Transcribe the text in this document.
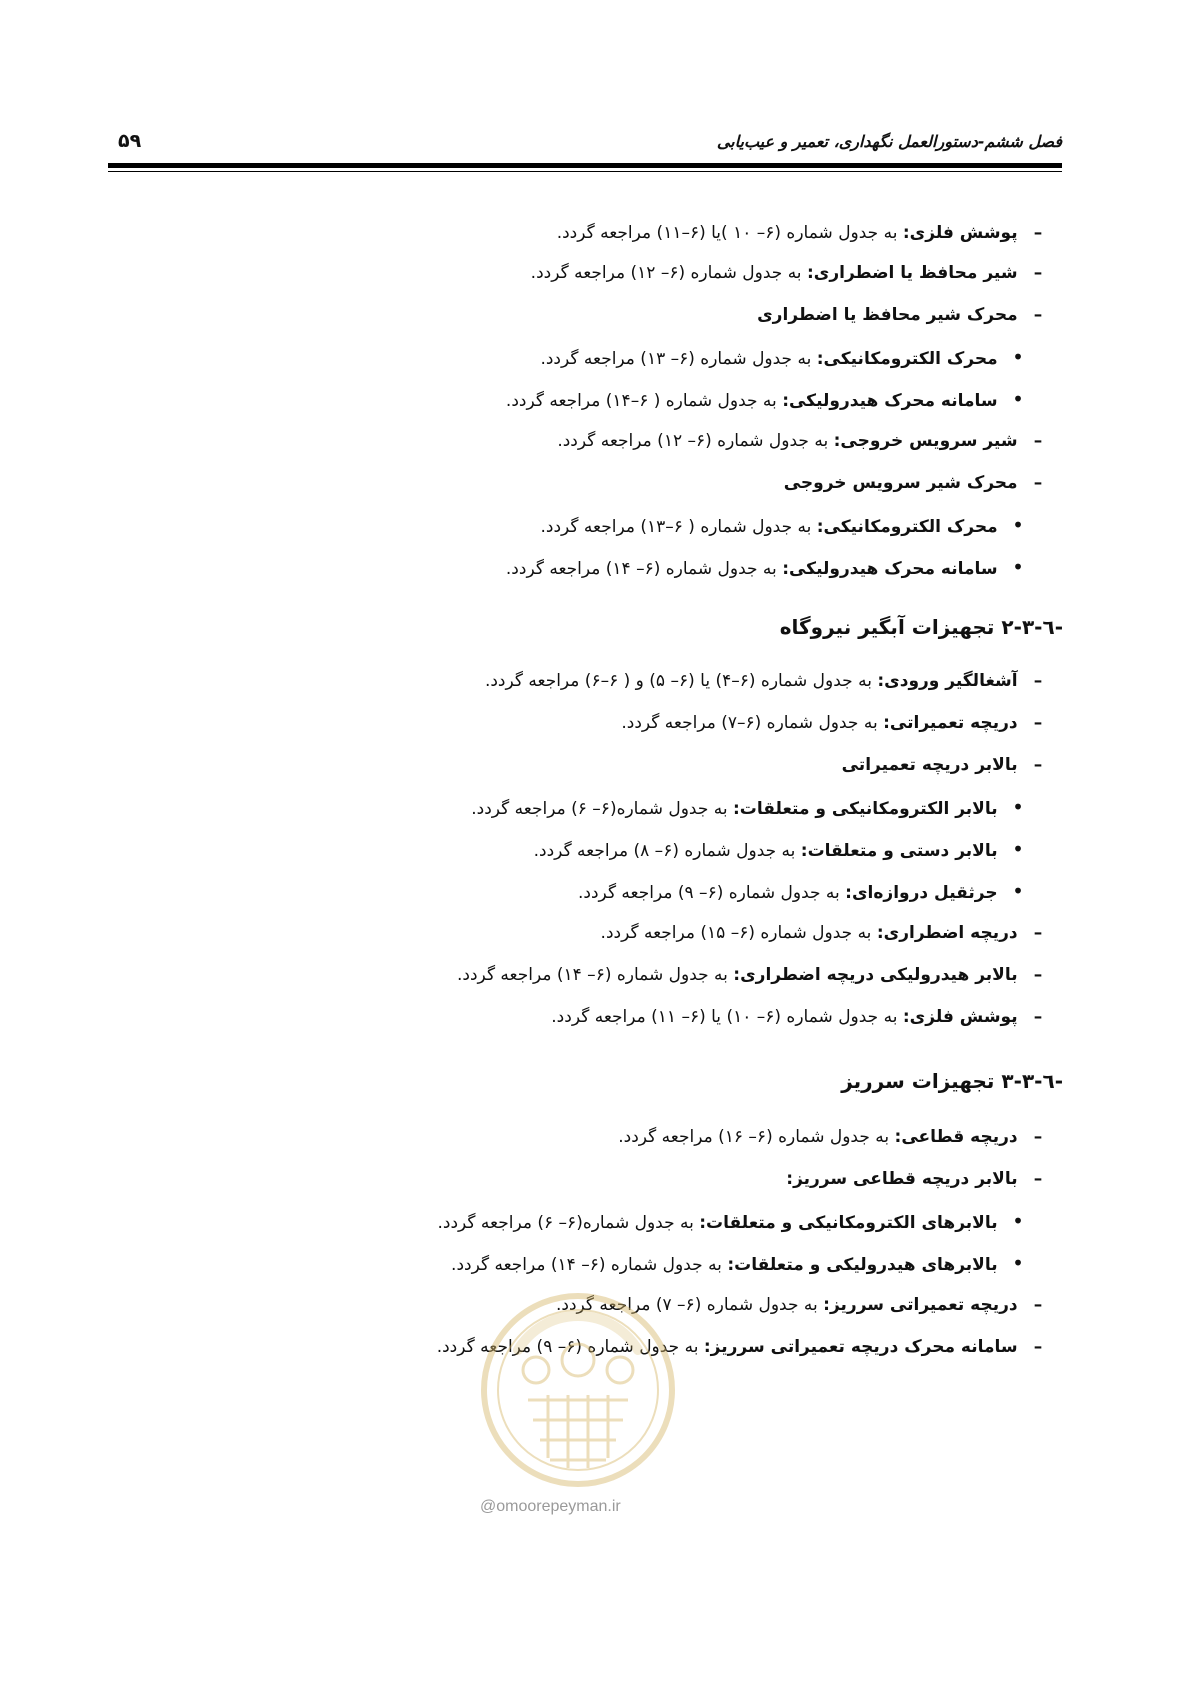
فصل ششم-دستورالعمل نگهداری، تعمیر و عیب‌یابی
۵۹
– پوشش فلزی: به جدول شماره (۶– ۱۰ )یا (۶–۱۱) مراجعه گردد.
– شیر محافظ یا اضطراری: به جدول شماره (۶– ۱۲) مراجعه گردد.
– محرک شیر محافظ یا اضطراری
• محرک الکترومکانیکی: به جدول شماره (۶– ۱۳) مراجعه گردد.
• سامانه محرک هیدرولیکی: به جدول شماره ( ۶–۱۴) مراجعه گردد.
– شیر سرویس خروجی: به جدول شماره (۶– ۱۲) مراجعه گردد.
– محرک شیر سرویس خروجی
• محرک الکترومکانیکی: به جدول شماره ( ۶–۱۳) مراجعه گردد.
• سامانه محرک هیدرولیکی: به جدول شماره (۶– ۱۴) مراجعه گردد.
٦-٣-٢- تجهیزات آبگیر نیروگاه
– آشغالگیر ورودی: به جدول شماره (۶–۴) یا (۶– ۵) و ( ۶–۶) مراجعه گردد.
– دریچه تعمیراتی: به جدول شماره (۶–۷) مراجعه گردد.
– بالابر دریچه تعمیراتی
• بالابر الکترومکانیکی و متعلقات: به جدول شماره(۶– ۶) مراجعه گردد.
• بالابر دستی و متعلقات: به جدول شماره (۶– ۸) مراجعه گردد.
• جرثقیل دروازه‌ای: به جدول شماره (۶– ۹) مراجعه گردد.
– دریچه اضطراری: به جدول شماره (۶– ۱۵) مراجعه گردد.
– بالابر هیدرولیکی دریچه اضطراری: به جدول شماره (۶– ۱۴) مراجعه گردد.
– پوشش فلزی: به جدول شماره (۶– ۱۰) یا (۶– ۱۱) مراجعه گردد.
٦-٣-٣- تجهیزات سرریز
– دریچه قطاعی: به جدول شماره (۶– ۱۶) مراجعه گردد.
– بالابر دریچه قطاعی سرریز:
• بالابرهای الکترومکانیکی و متعلقات: به جدول شماره(۶– ۶) مراجعه گردد.
• بالابرهای هیدرولیکی و متعلقات: به جدول شماره (۶– ۱۴) مراجعه گردد.
– دریچه تعمیراتی سرریز: به جدول شماره (۶– ۷) مراجعه گردد.
– سامانه محرک دریچه تعمیراتی سرریز: به جدول شماره (۶– ۹) مراجعه گردد.
@omoorepeyman.ir
